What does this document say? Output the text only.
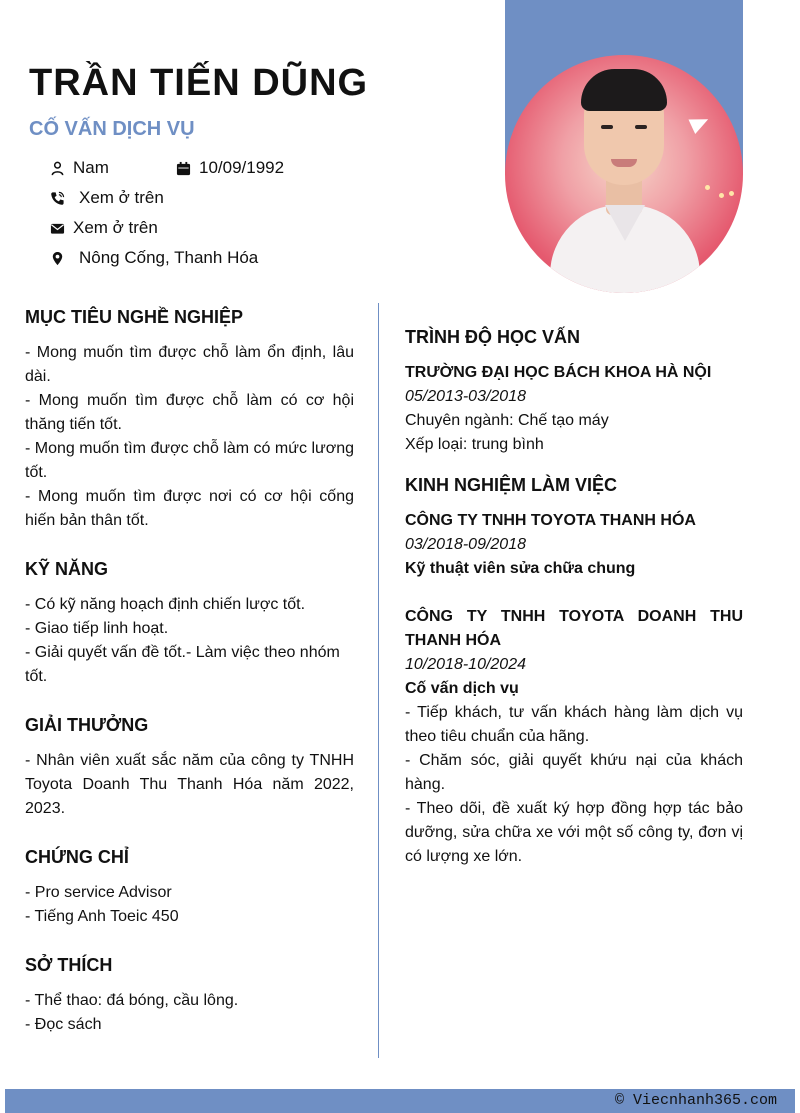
TRẦN TIẾN DŨNG
CỐ VẤN DỊCH VỤ
Nam	10/09/1992
Xem ở trên
Xem ở trên
Nông Cống, Thanh Hóa
MỤC TIÊU NGHỀ NGHIỆP
- Mong muốn tìm được chỗ làm ổn định, lâu dài.
- Mong muốn tìm được chỗ làm có cơ hội thăng tiến tốt.
- Mong muốn tìm được chỗ làm có mức lương tốt.
- Mong muốn tìm được nơi có cơ hội cống hiến bản thân tốt.
KỸ NĂNG
- Có kỹ năng hoạch định chiến lược tốt.
- Giao tiếp linh hoạt.
- Giải quyết vấn đề tốt.- Làm việc theo nhóm tốt.
GIẢI THƯỞNG
- Nhân viên xuất sắc năm của công ty TNHH Toyota Doanh Thu Thanh Hóa năm 2022, 2023.
CHỨNG CHỈ
- Pro service Advisor
- Tiếng Anh Toeic 450
SỞ THÍCH
- Thể thao: đá bóng, cầu lông.
- Đọc sách
TRÌNH ĐỘ HỌC VẤN
TRƯỜNG ĐẠI HỌC BÁCH KHOA HÀ NỘI
05/2013-03/2018
Chuyên ngành: Chế tạo máy
Xếp loại: trung bình
KINH NGHIỆM LÀM VIỆC
CÔNG TY TNHH TOYOTA THANH HÓA
03/2018-09/2018
Kỹ thuật viên sửa chữa chung
CÔNG TY TNHH TOYOTA DOANH THU THANH HÓA
10/2018-10/2024
Cố vấn dịch vụ
- Tiếp khách, tư vấn khách hàng làm dịch vụ theo tiêu chuẩn của hãng.
- Chăm sóc, giải quyết khứu nại của khách hàng.
- Theo dõi, đề xuất ký hợp đồng hợp tác bảo dưỡng, sửa chữa xe với một số công ty, đơn vị có lượng xe lớn.
© Viecnhanh365.com
